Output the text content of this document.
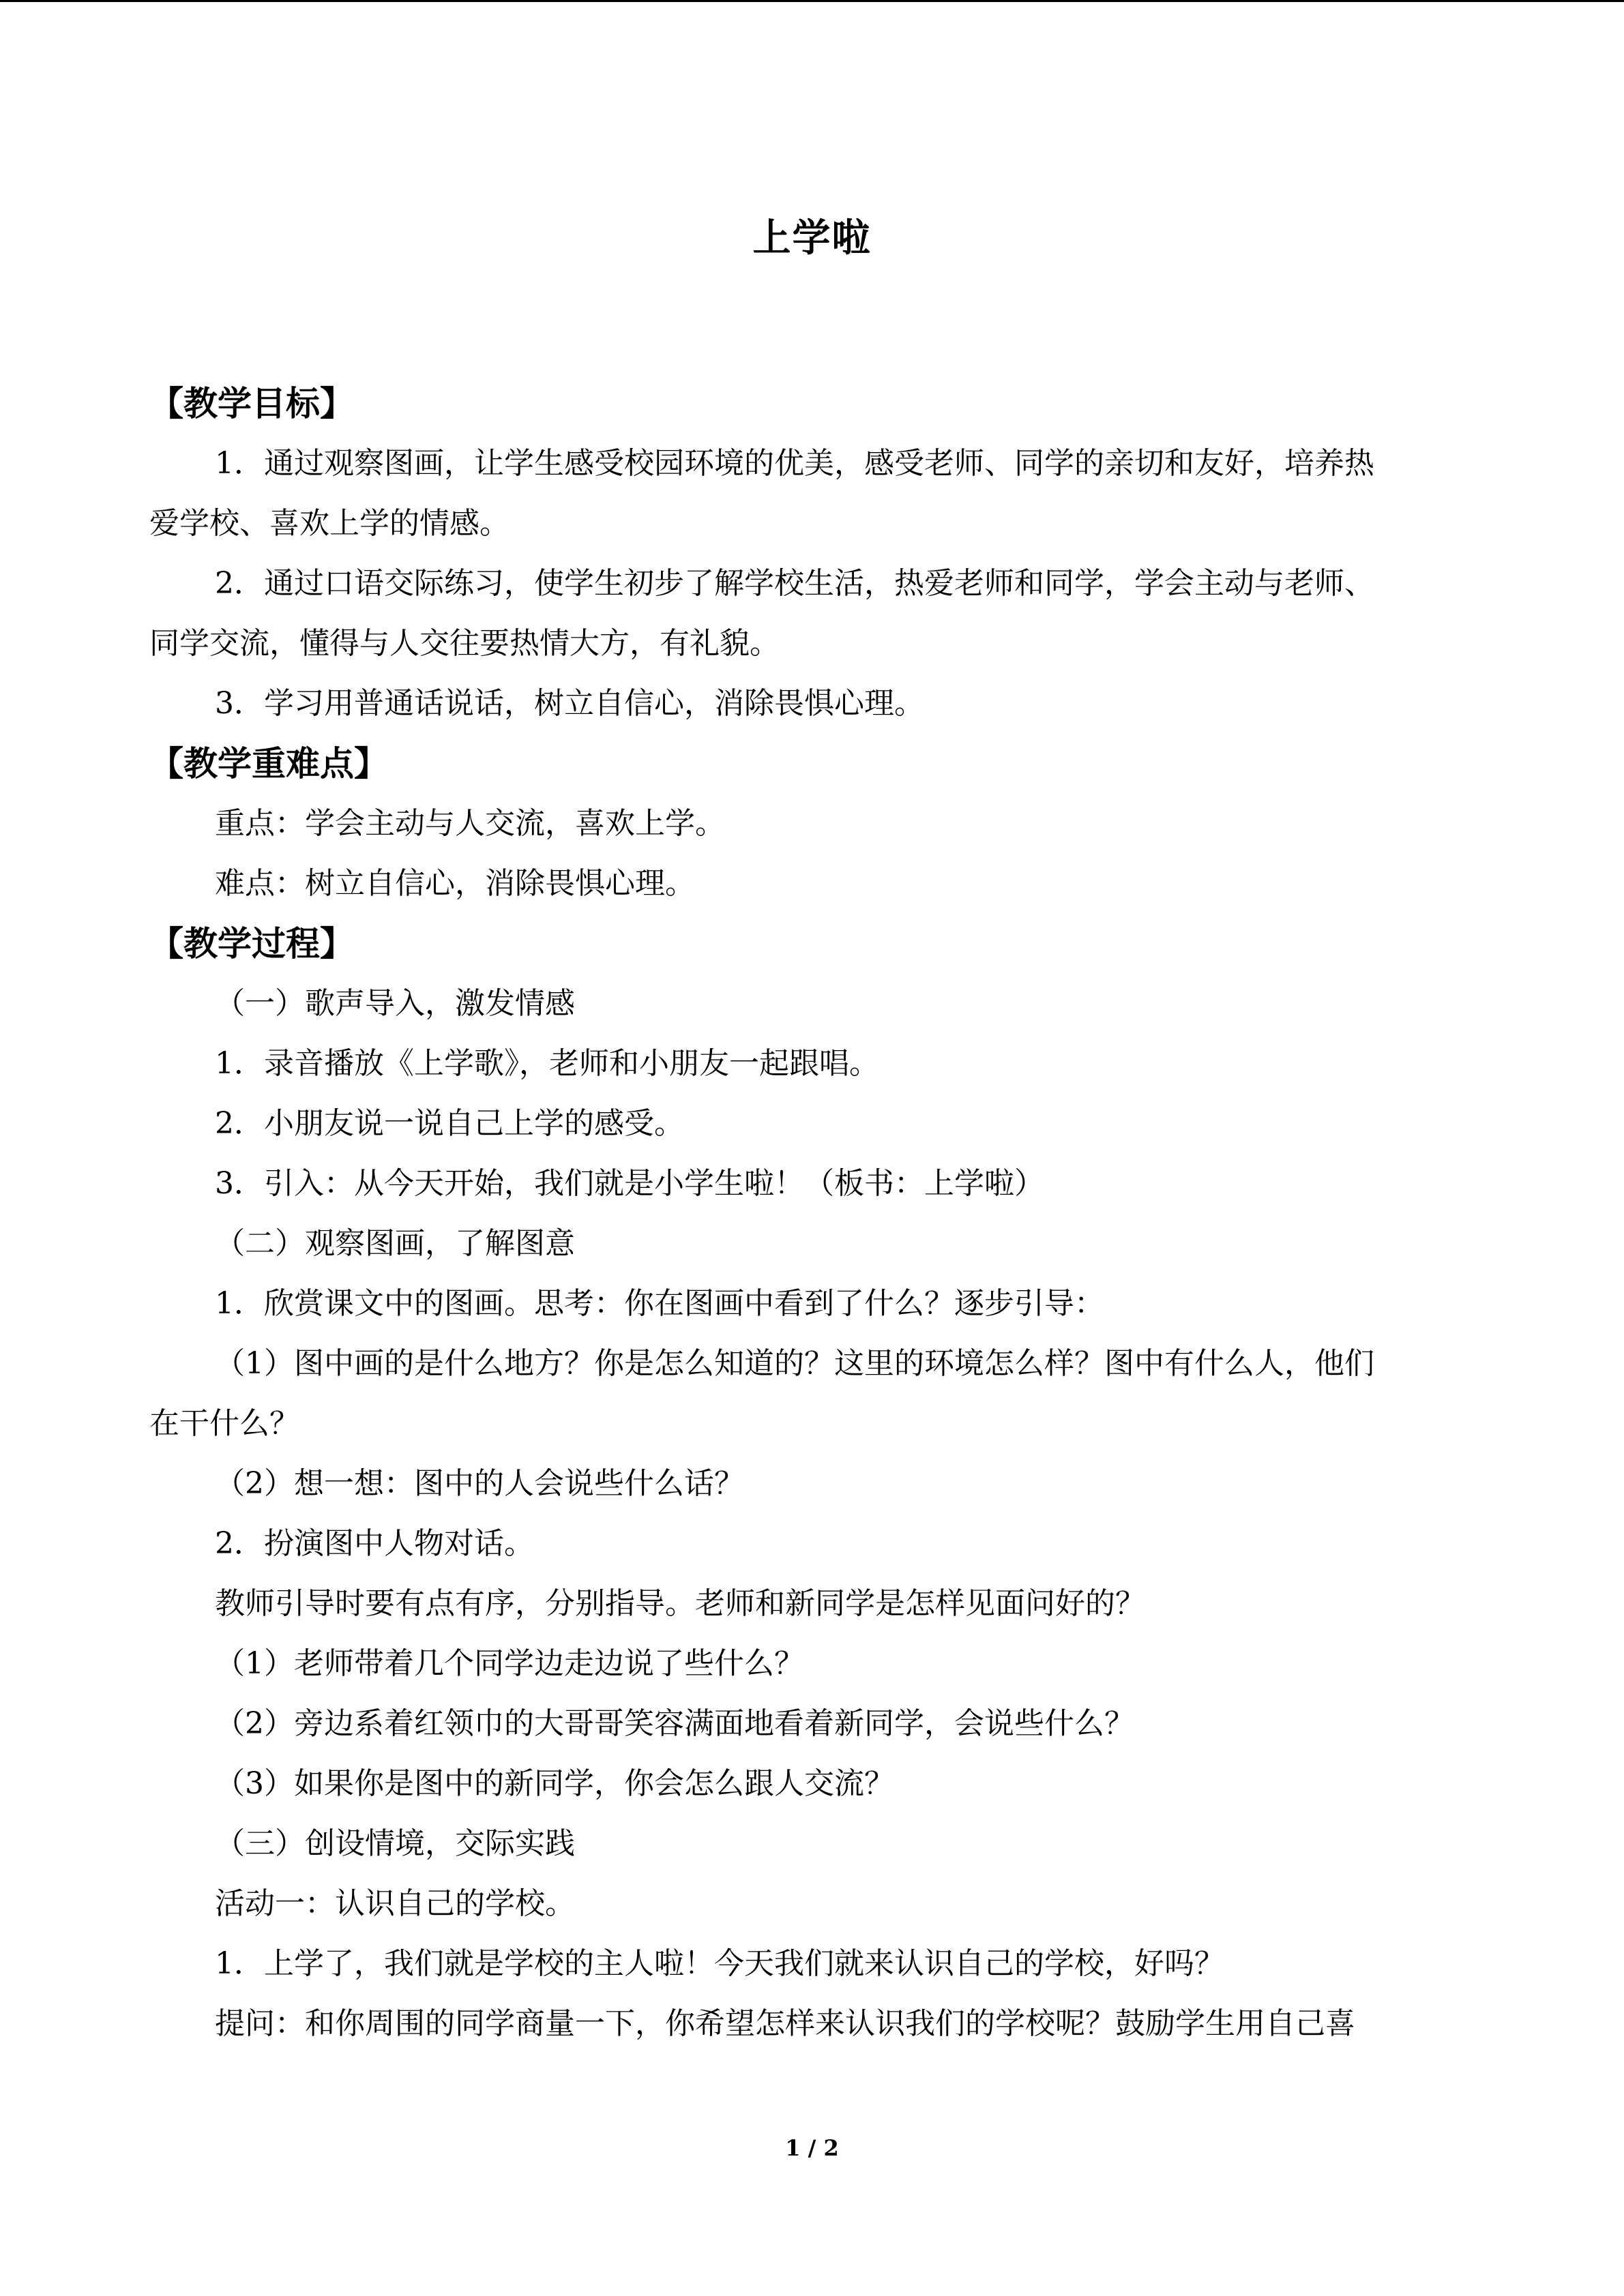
上学啦
【教学目标】

1．通过观察图画，让学生感受校园环境的优美，感受老师、同学的亲切和友好，培养热

爱学校、喜欢上学的情感。

2．通过口语交际练习，使学生初步了解学校生活，热爱老师和同学，学会主动与老师、

同学交流，懂得与人交往要热情大方，有礼貌。

3．学习用普通话说话，树立自信心，消除畏惧心理。

【教学重难点】

重点：学会主动与人交流，喜欢上学。

难点：树立自信心，消除畏惧心理。

【教学过程】

（一）歌声导入，激发情感

1．录音播放《上学歌》，老师和小朋友一起跟唱。

2．小朋友说一说自己上学的感受。

3．引入：从今天开始，我们就是小学生啦！（板书：上学啦）

（二）观察图画，了解图意

1．欣赏课文中的图画。思考：你在图画中看到了什么？逐步引导：

（1）图中画的是什么地方？你是怎么知道的？这里的环境怎么样？图中有什么人，他们

在干什么？

（2）想一想：图中的人会说些什么话？

2．扮演图中人物对话。

教师引导时要有点有序，分别指导。老师和新同学是怎样见面问好的？

（1）老师带着几个同学边走边说了些什么？

（2）旁边系着红领巾的大哥哥笑容满面地看着新同学，会说些什么？

（3）如果你是图中的新同学，你会怎么跟人交流？

（三）创设情境，交际实践

活动一：认识自己的学校。

1．上学了，我们就是学校的主人啦！今天我们就来认识自己的学校，好吗？

提问：和你周围的同学商量一下，你希望怎样来认识我们的学校呢？鼓励学生用自己喜

1 / 2
